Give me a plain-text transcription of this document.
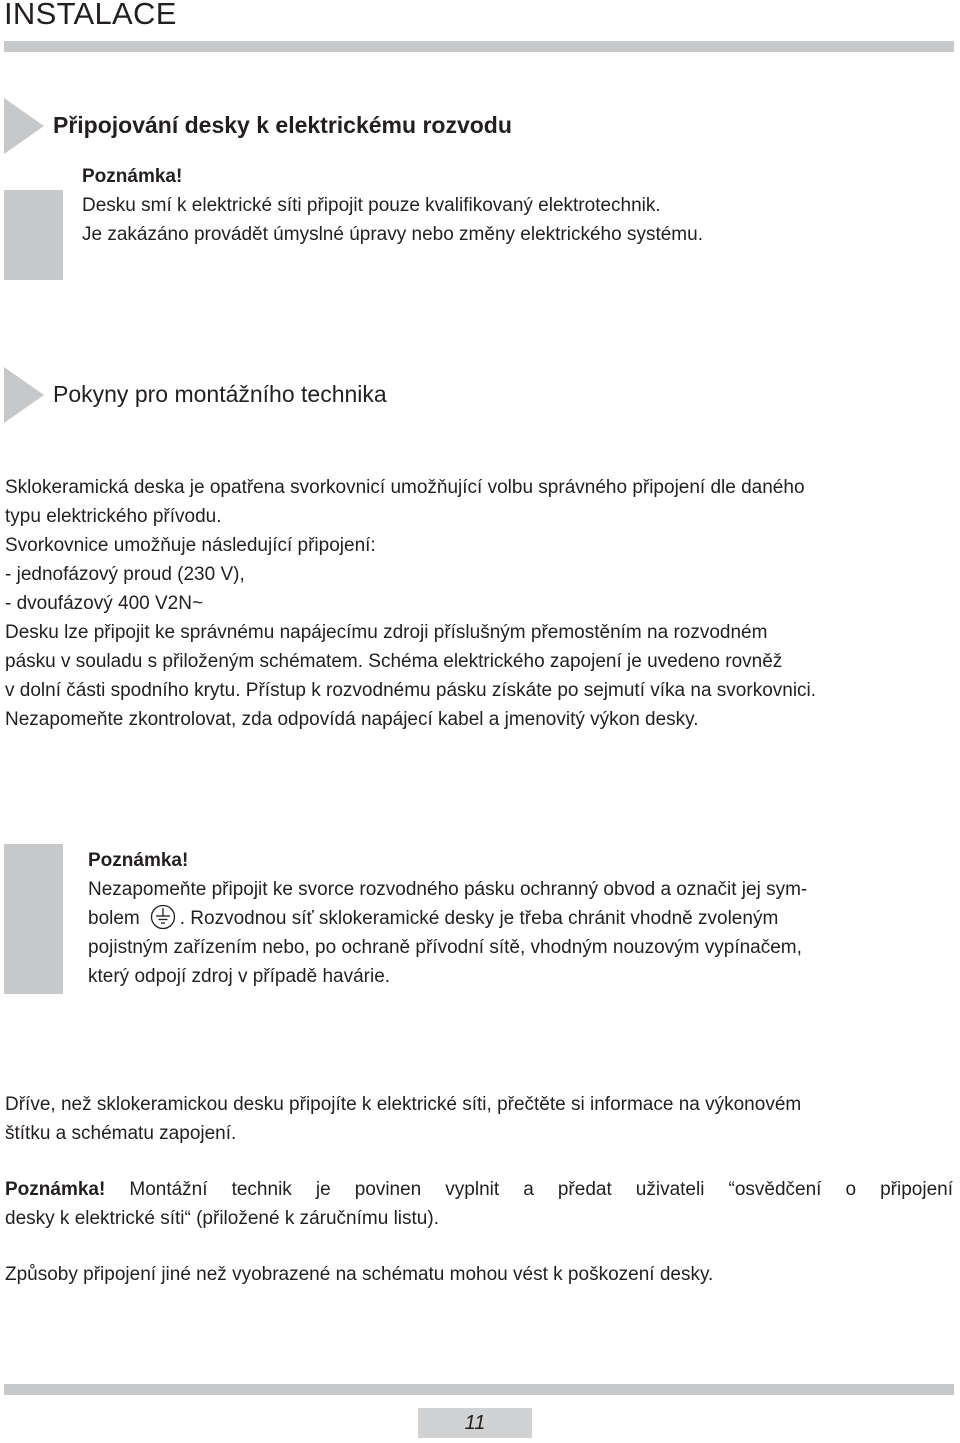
INSTALACE
Připojování desky k elektrickému rozvodu
Poznámka!
Desku smí k elektrické síti připojit pouze kvalifikovaný elektrotechnik.
Je zakázáno provádět úmyslné úpravy nebo změny elektrického systému.
Pokyny pro montážního technika
Sklokeramická deska je opatřena svorkovnicí umožňující volbu správného připojení dle daného
typu elektrického přívodu.
Svorkovnice umožňuje následující připojení:
- jednofázový proud (230 V),
- dvoufázový 400 V2N~
Desku lze připojit ke správnému napájecímu zdroji příslušným přemostěním na rozvodném
pásku v souladu s přiloženým schématem. Schéma elektrického zapojení je uvedeno rovněž
v dolní části spodního krytu. Přístup k rozvodnému pásku získáte po sejmutí víka na svorkovnici.
Nezapomeňte zkontrolovat, zda odpovídá napájecí kabel a jmenovitý výkon desky.
Poznámka!
Nezapomeňte připojit ke svorce rozvodného pásku ochranný obvod a označit jej sym-
bolem . Rozvodnou síť sklokeramické desky je třeba chránit vhodně zvoleným
pojistným zařízením nebo, po ochraně přívodní sítě, vhodným nouzovým vypínačem,
který odpojí zdroj v případě havárie.
Dříve, než sklokeramickou desku připojíte k elektrické síti, přečtěte si informace na výkonovém
štítku a schématu zapojení.
Poznámka! Montážní technik je povinen vyplnit a předat uživateli “osvědčení o připojení
desky k elektrické síti“ (přiložené k záručnímu listu).
Způsoby připojení jiné než vyobrazené na schématu mohou vést k poškození desky.

11
